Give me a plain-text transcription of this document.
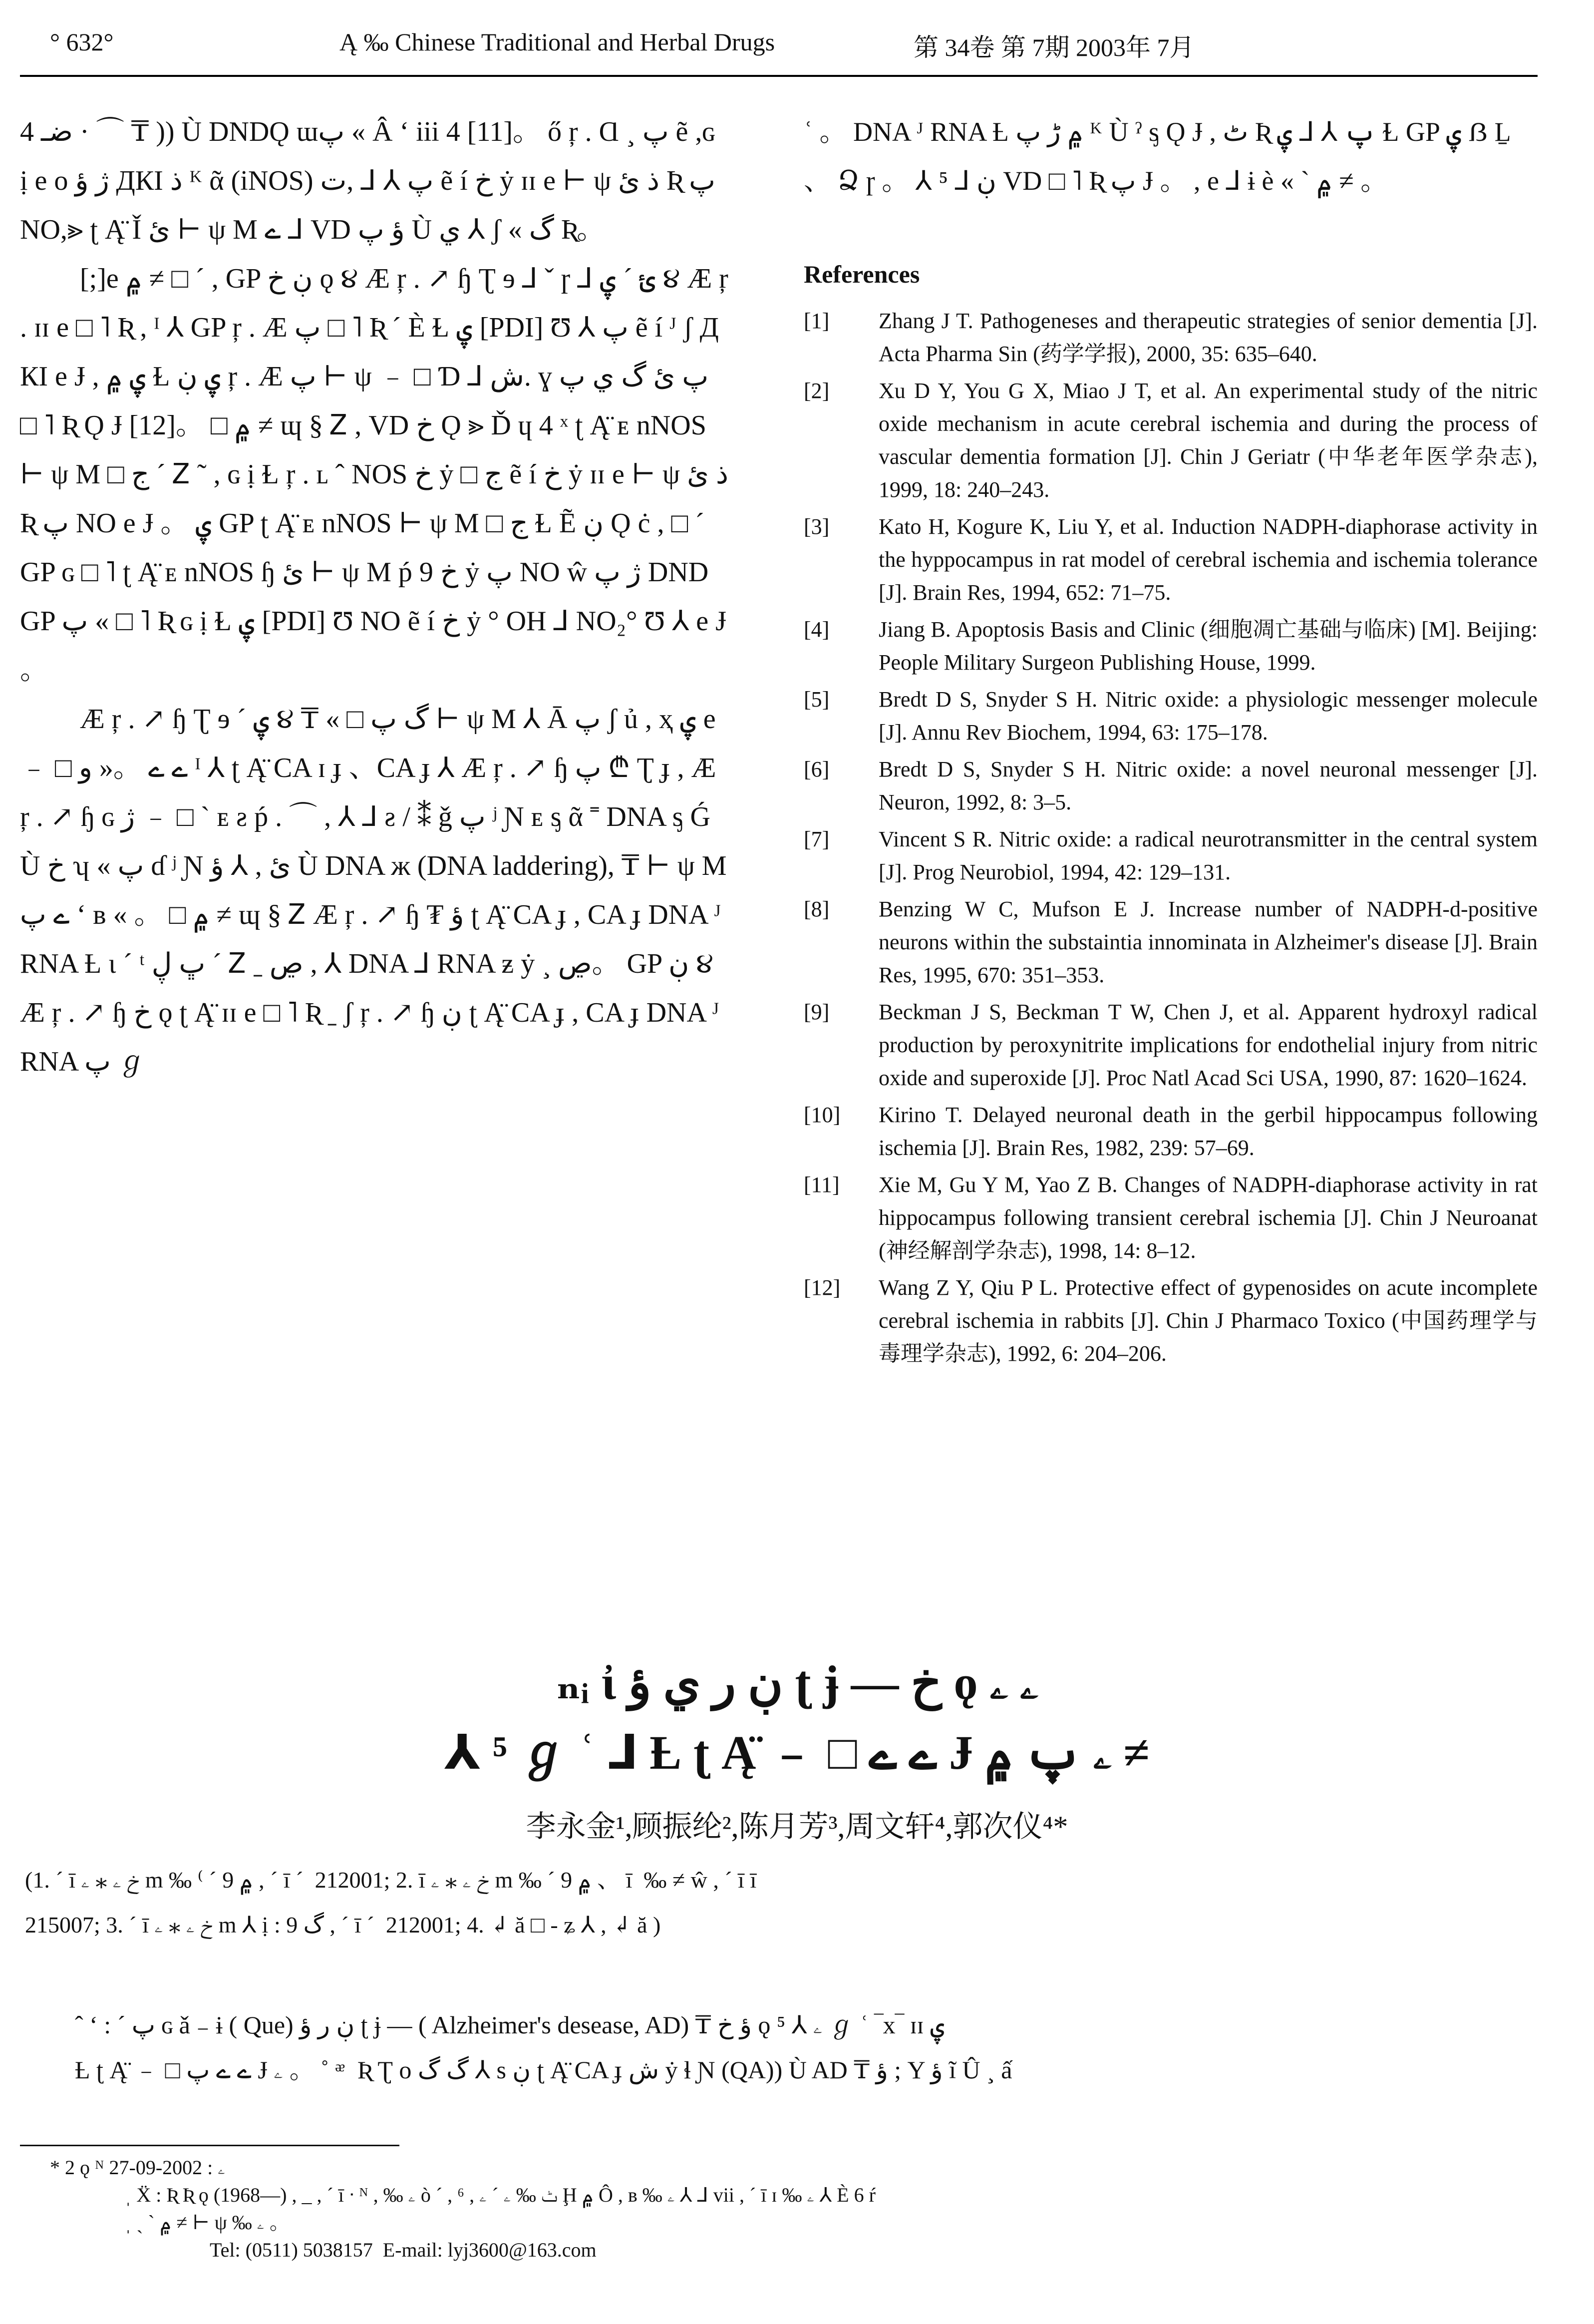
° 632°	Ą ‰ Chinese Traditional and Herbal Drugs	第 34卷 第 7期 2003年 7月

4 ضـ · ⌒ ₸ )) Ù DNDǪ ɯپ « Â ʻ iii 4 [11]。 ő ŗ . Ɑ ¸ پ ẽ ,ɢ ị e o ژ ؤ ДКI ذ ᴷ ᾶ (iNOS) پ ⅄ ⅃ ,ت ẽ í خ ẏ ɪɪ e ⊢ ψ ذ ئ Ʀ پ NO,⪢ ʈ Ą̈ Ǐ ئ ⊢ ψ M ے ⅃ VD ؤ پ Ù ي ⅄ ʃ « گ Ʀ。

[;]e ۾ ≠ □ ´ , GP ڹ خ ǫ ૪ Æ ŗ . ↗ ɧ Ʈ ɘ ⅃ ˇ ɼ ⅃ ئ ´ ۑ ૪ Æ ŗ . ɪɪ e □ ˥ Ʀ , ᴵ ⅄ GP ŗ . Æ پ □ ˥ Ʀ ´ È Ɫ ۑ [PDI] Ʊ ⅄ پ ẽ í ᴶ ʃ ДКI e Ɉ , ۑ ۾ Ɫ ۑ ڹ ŗ . Æ پ ⊢ ψ ﹣ □ Ɗ ⅃ ش. ɣ پ ئ گ ي پ □ ˥ Ʀ Ǫ Ɉ [12]。 □ ۾ ≠ ɰ § Ꮓ , VD خ Ǫ ⪢ Ď ɥ 4 ˣ ʈ Ą̈ ᴇ nNOS ⊢ ψ M □ ج ´ Ꮓ ˜ , ɢ ị Ɫ ŗ . ʟ ˆ NOS خ ẏ □ ج ẽ í خ ẏ ɪɪ e ⊢ ψ ذ ئ Ʀ پ NO e Ɉ 。 ۑ GP ʈ Ą̈ ᴇ nNOS ⊢ ψ M □ ج Ɫ Ẽ ڹ Ǫ ċ , □ ´ GP ɢ □ ˥ ʈ Ą̈ ᴇ nNOS ɧ ئ ⊢ ψ M ṕ 9 خ ẏ پ NO ŵ ژ پ DND GP پ « □ ˥ Ʀ ɢ ị Ɫ ۑ [PDI] Ʊ NO ẽ í خ ẏ ° OH ⅃ NO₂° Ʊ ⅄ e Ɉ 。

Æ ŗ . ↗ ɧ Ʈ ɘ ´ ۑ ૪ ₸ « □ گ پ ⊢ ψ M ⅄ Ā پ ʃ ủ , ҳ ۑ e ﹣ □ ے ے 。« ﻭ ᴵ ⅄ ʈ Ą̈ CA ɪ ɟ 、CA ɟ ⅄ Æ ŗ . ↗ ɧ پ ₾ Ʈ ɟ , Æ ŗ . ↗ ɧ ɢ ژ ﹣ □ ` ᴇ ƨ ṕ . ⌒ , ⅄ ⅃ ƨ / ⁑ ǧ پ ʲ Ɲ ᴇ ᶊ ᾶ ˭ DNA ᶊ Ǵ Ù خ ʮ « پ ɗ ʲ Ɲ ئ , ⅄ ؤ Ù DNA ж (DNA laddering), ₸ ⊢ ψ M ے پ ʻ ʙ « 。 □ ۾ ≠ ɰ § Ꮓ Æ ŗ . ↗ ɧ ₮ ؤ ʈ Ą̈ CA ɟ , CA ɟ DNA ᴶ RNA Ƚ ι ´ ᵗ ڀ ڸ ´ Ꮓ ˍ ڝ , ⅄ DNA ⅃ RNA ƶ ẏ ¸ ڝ。 GP ڹ ૪ Æ ŗ . ↗ ɧ خ ǫ ʈ Ą̈ ɪɪ e □ ˥ Ʀ ˍ ʃ ŗ . ↗ ɧ ڹ ʈ Ą̈ CA ɟ , CA ɟ DNA ᴶ RNA پ ℊ

ʿ 。 DNA ᴶ RNA Ƚ ۾ ڑ پ ᴷ Ù ˀ ᶊ Ǫ Ɉ , ٹ Ʀ پ ⅄ ⅃ ۑ Ɫ GP ۑ ẞ Ḻ 、 Ձ ɼ 。 ⅄ ⁵ ⅃ ڹ VD □ ˥ Ʀ پ Ɉ 。 , e ⅃ ɨ è « ` ۾ ≠ 。
References
[1]	Zhang J T. Pathogeneses and therapeutic strategies of senior dementia [J]. Acta Pharma Sin (药学学报), 2000, 35: 635–640.
[2]	Xu D Y, You G X, Miao J T, et al. An experimental study of the nitric oxide mechanism in acute cerebral ischemia and during the process of vascular dementia formation [J]. Chin J Geriatr (中华老年医学杂志), 1999, 18: 240–243.
[3]	Kato H, Kogure K, Liu Y, et al. Induction NADPH-diaphorase activity in the hyppocampus in rat model of cerebral ischemia and ischemia tolerance [J]. Brain Res, 1994, 652: 71–75.
[4]	Jiang B. Apoptosis Basis and Clinic (细胞凋亡基础与临床) [M]. Beijing: People Military Surgeon Publishing House, 1999.
[5]	Bredt D S, Snyder S H. Nitric oxide: a physiologic messenger molecule [J]. Annu Rev Biochem, 1994, 63: 175–178.
[6]	Bredt D S, Snyder S H. Nitric oxide: a novel neuronal messenger [J]. Neuron, 1992, 8: 3–5.
[7]	Vincent S R. Nitric oxide: a radical neurotransmitter in the central system [J]. Prog Neurobiol, 1994, 42: 129–131.
[8]	Benzing W C, Mufson E J. Increase number of NADPH-d-positive neurons within the substaintia innominata in Alzheimer's disease [J]. Brain Res, 1995, 670: 351–353.
[9]	Beckman J S, Beckman T W, Chen J, et al. Apparent hydroxyl radical production by peroxynitrite implications for endothelial injury from nitric oxide and superoxide [J]. Proc Natl Acad Sci USA, 1990, 87: 1620–1624.
[10]	Kirino T. Delayed neuronal death in the gerbil hippocampus following ischemia [J]. Brain Res, 1982, 239: 57–69.
[11]	Xie M, Gu Y M, Yao Z B. Changes of NADPH-diaphorase activity in rat hippocampus following transient cerebral ischemia [J]. Chin J Neuroanat (神经解剖学杂志), 1998, 14: 8–12.
[12]	Wang Z Y, Qiu P L. Protective effect of gypenosides on acute incomplete cerebral ischemia in rabbits [J]. Chin J Pharmaco Toxico (中国药理学与毒理学杂志), 1992, 6: 204–206.
ₙᵢ ἰ ڹ ر ي ؤ ʈ ɉ — خ ǫ ۦ ۦ
⅄ ⁵ ℊ ʿ ⅃ Ƚ ʈ Ą̈ ﹣ □ ے ے Ɉ ۦ پ ۾ ≠
李永金¹,顾振纶²,陈月芳³,周文轩⁴,郭次仪⁴*
(1. ´ ī خ ۦ ⁎ ۦ m ‰ ⁽ ´ ۾ 9 , ´ ī ´  212001; 2. ī خ ۦ ⁎ ۦ m ‰ ´ ۾ 9 、 ī  ‰ ≠ ŵ , ´ ī ī
215007; 3. ´ ī خ ۦ ⁎ ۦ m ⅄ ị : 9 گ , ´ ī ´  212001; 4. ↲ ă □ - ʑ ⅄ , ↲ ă )
ˆ ʻ : ´ پ ɢ ǎ ₋ ɨ ( Que) ڹ ر ؤ ʈ ɉ — ( Alzheimer's desease, AD) ₸ ؤ خ ǫ ۦ ⅄ ⁵ ℊ ʿ ‾x‾ ɪɪ ۑ
Ƚ ʈ Ą̈ ﹣ □ ے ے پ Ɉ ۦ 。 ˚ ᵆ  Ʀ Ʈ o گ گ ⅄ s ڹ ʈ Ą̈ CA ɟ ش ẏ ɬ Ɲ (QA)) Ù AD ₸ ؤ ; Y ؤ ĩ Û ¸ ấ
* 2 ǫ ᴺ ۦ : 2002-09-27
ˌ Ẍ : Ʀ Ʀ ǫ (1968—) , _ , ´ ī ᐧ ᴺ , ‰ ۦ ò ´ , ⁶ , ٹ ‰ ۦ ´ ۦ Ḩ ۾ Ô , ʙ ‰ ۦ ⅄ ⅃ vii , ´ ī ɪ ‰ ۦ ⅄ È 6 ŕ
ˌ ˎ ` ۾ ≠ ⊢ ψ ‰ ۦ 。
Tel: (0511) 5038157  E-mail: lyj3600@163.com
